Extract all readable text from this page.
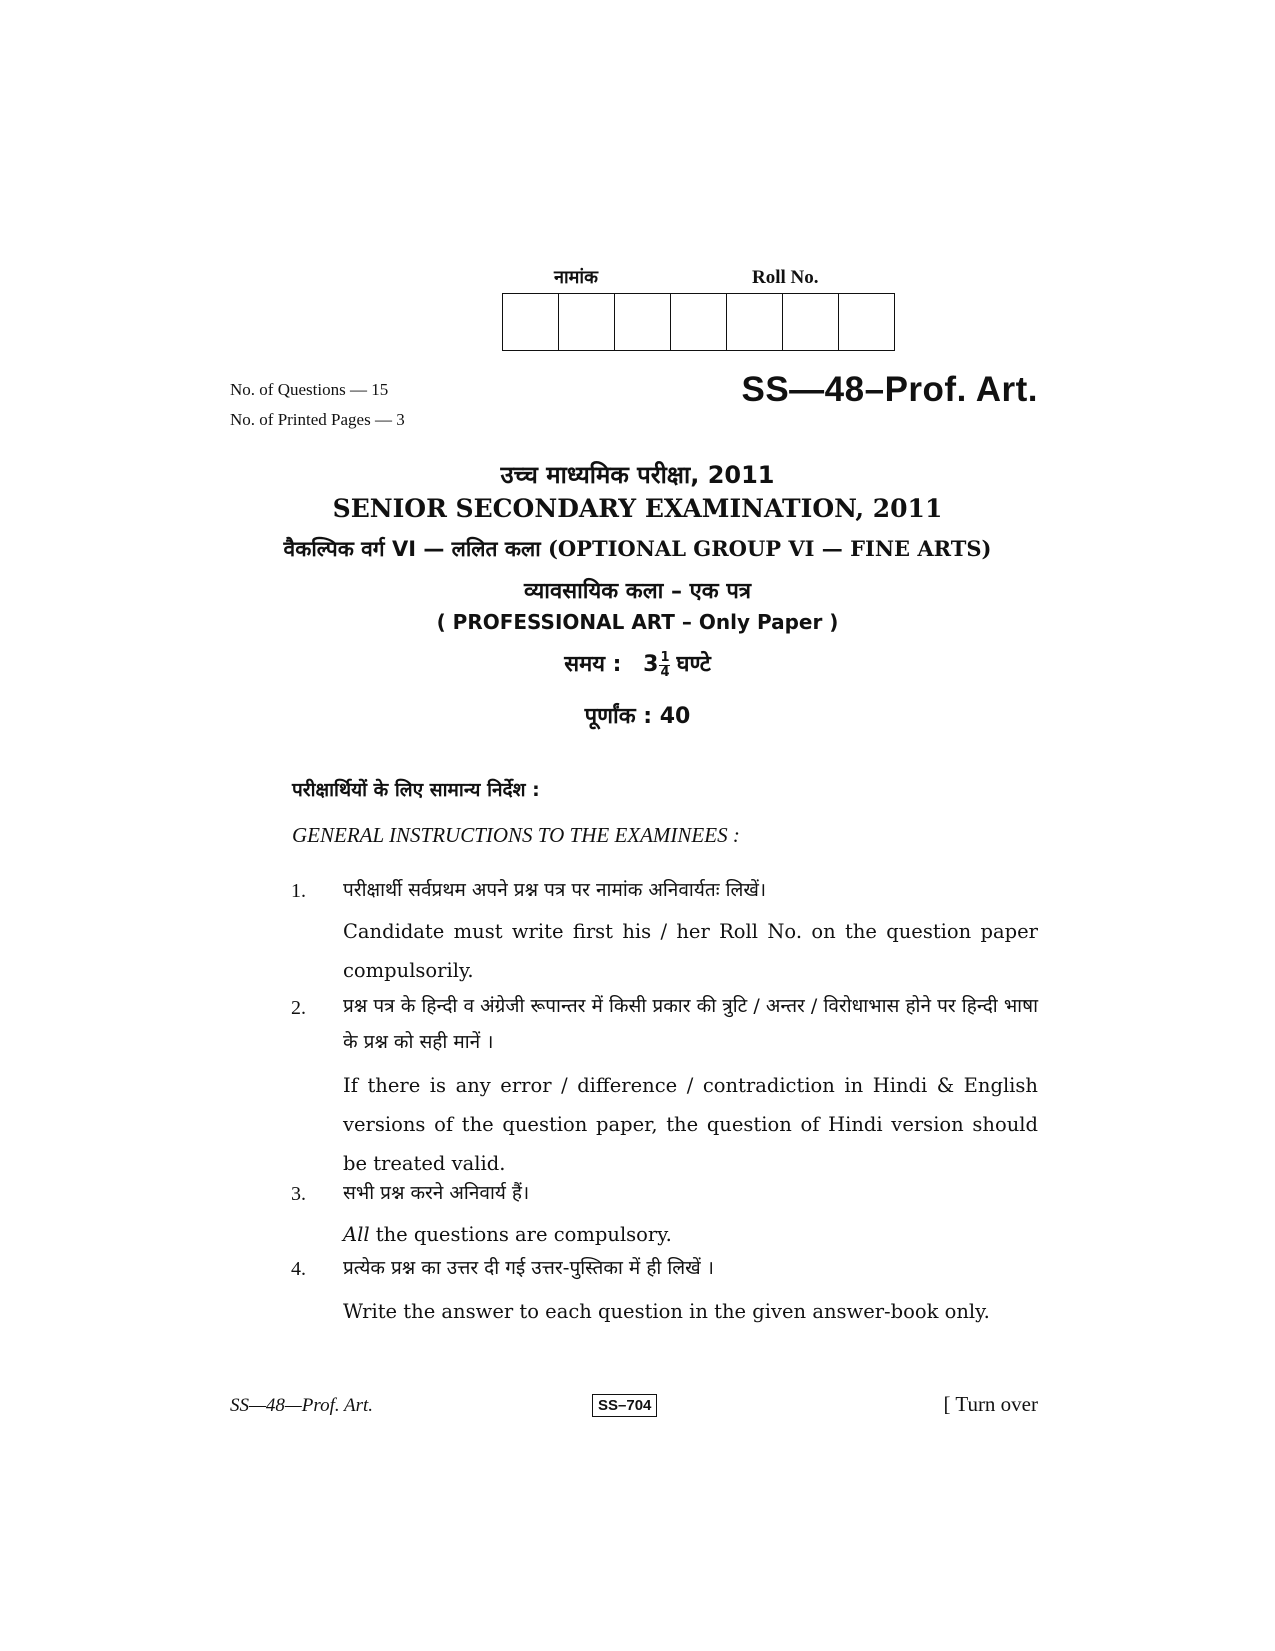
नामांक	Roll No.
No. of Questions — 15
No. of Printed Pages — 3
SS—48–Prof. Art.
उच्च माध्यमिक परीक्षा, 2011
SENIOR SECONDARY EXAMINATION, 2011
वैकल्पिक वर्ग VI — ललित कला (OPTIONAL GROUP VI — FINE ARTS)
व्यावसायिक कला – एक पत्र
( PROFESSIONAL ART – Only Paper )
समय : $3 \frac{1}{4}$ घण्टे
पूर्णांक : 40
परीक्षार्थियों के लिए सामान्य निर्देश :
GENERAL INSTRUCTIONS TO THE EXAMINEES :
1. परीक्षार्थी सर्वप्रथम अपने प्रश्न पत्र पर नामांक अनिवार्यतः लिखें।
Candidate must write first his / her Roll No. on the question paper compulsorily.
2. प्रश्न पत्र के हिन्दी व अंग्रेजी रूपान्तर में किसी प्रकार की त्रुटि / अन्तर / विरोधाभास होने पर हिन्दी भाषा के प्रश्न को सही मानें ।
If there is any error / difference / contradiction in Hindi & English versions of the question paper, the question of Hindi version should be treated valid.
3. सभी प्रश्न करने अनिवार्य हैं।
All the questions are compulsory.
4. प्रत्येक प्रश्न का उत्तर दी गई उत्तर-पुस्तिका में ही लिखें ।
Write the answer to each question in the given answer-book only.
SS—48—Prof. Art.	SS–704	[ Turn over
